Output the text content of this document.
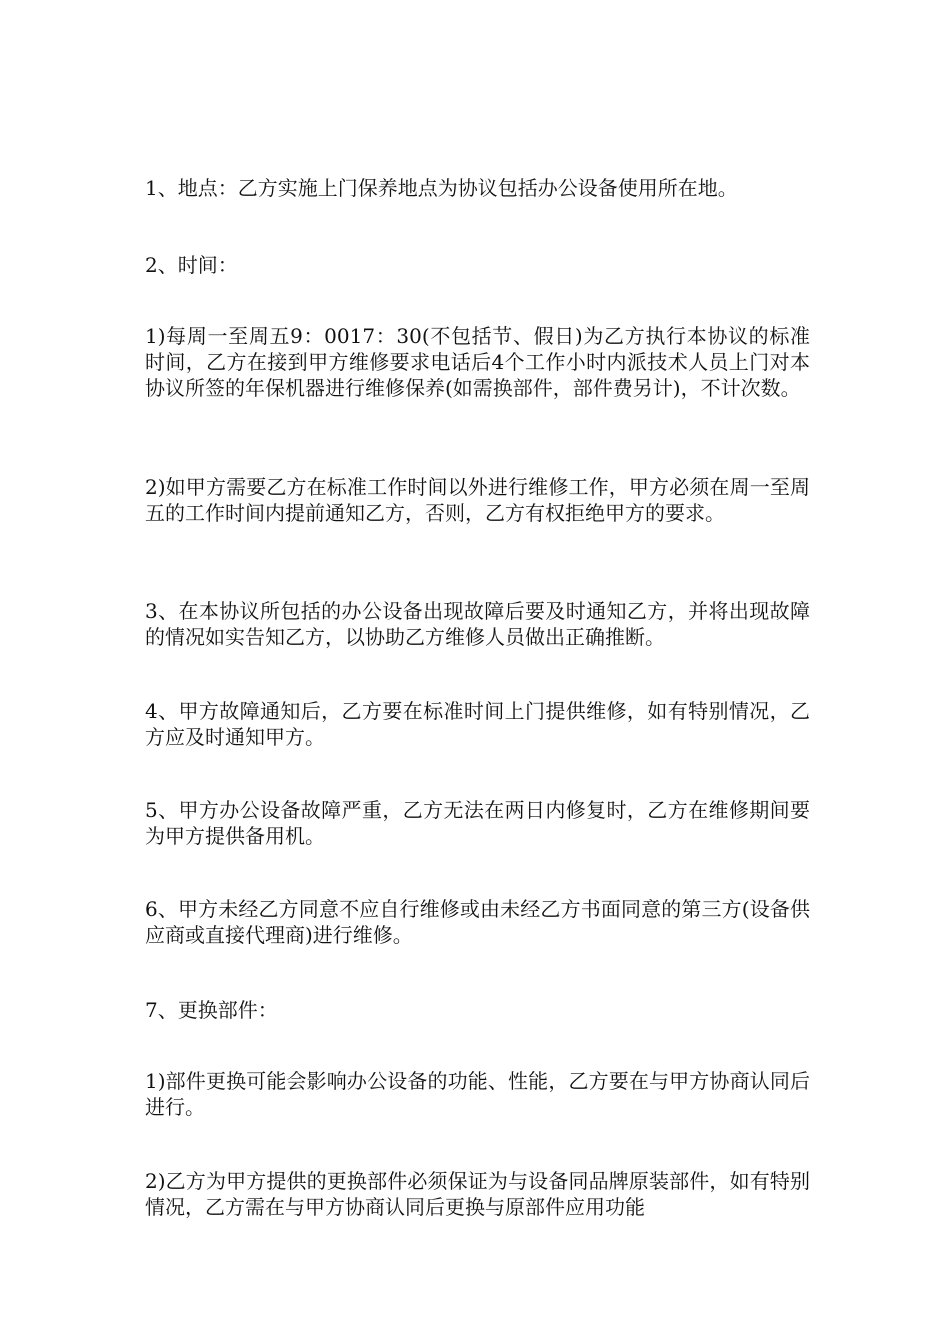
1、地点：乙方实施上门保养地点为协议包括办公设备使用所在地。

2、时间：

1)每周一至周五9：0017：30(不包括节、假日)为乙方执行本协议的标准时间，乙方在接到甲方维修要求电话后4个工作小时内派技术人员上门对本协议所签的年保机器进行维修保养(如需换部件，部件费另计)，不计次数。

2)如甲方需要乙方在标准工作时间以外进行维修工作，甲方必须在周一至周五的工作时间内提前通知乙方，否则，乙方有权拒绝甲方的要求。

3、在本协议所包括的办公设备出现故障后要及时通知乙方，并将出现故障的情况如实告知乙方，以协助乙方维修人员做出正确推断。

4、甲方故障通知后，乙方要在标准时间上门提供维修，如有特别情况，乙方应及时通知甲方。

5、甲方办公设备故障严重，乙方无法在两日内修复时，乙方在维修期间要为甲方提供备用机。

6、甲方未经乙方同意不应自行维修或由未经乙方书面同意的第三方(设备供应商或直接代理商)进行维修。

7、更换部件：

1)部件更换可能会影响办公设备的功能、性能，乙方要在与甲方协商认同后进行。

2)乙方为甲方提供的更换部件必须保证为与设备同品牌原装部件，如有特别情况，乙方需在与甲方协商认同后更换与原部件应用功能
